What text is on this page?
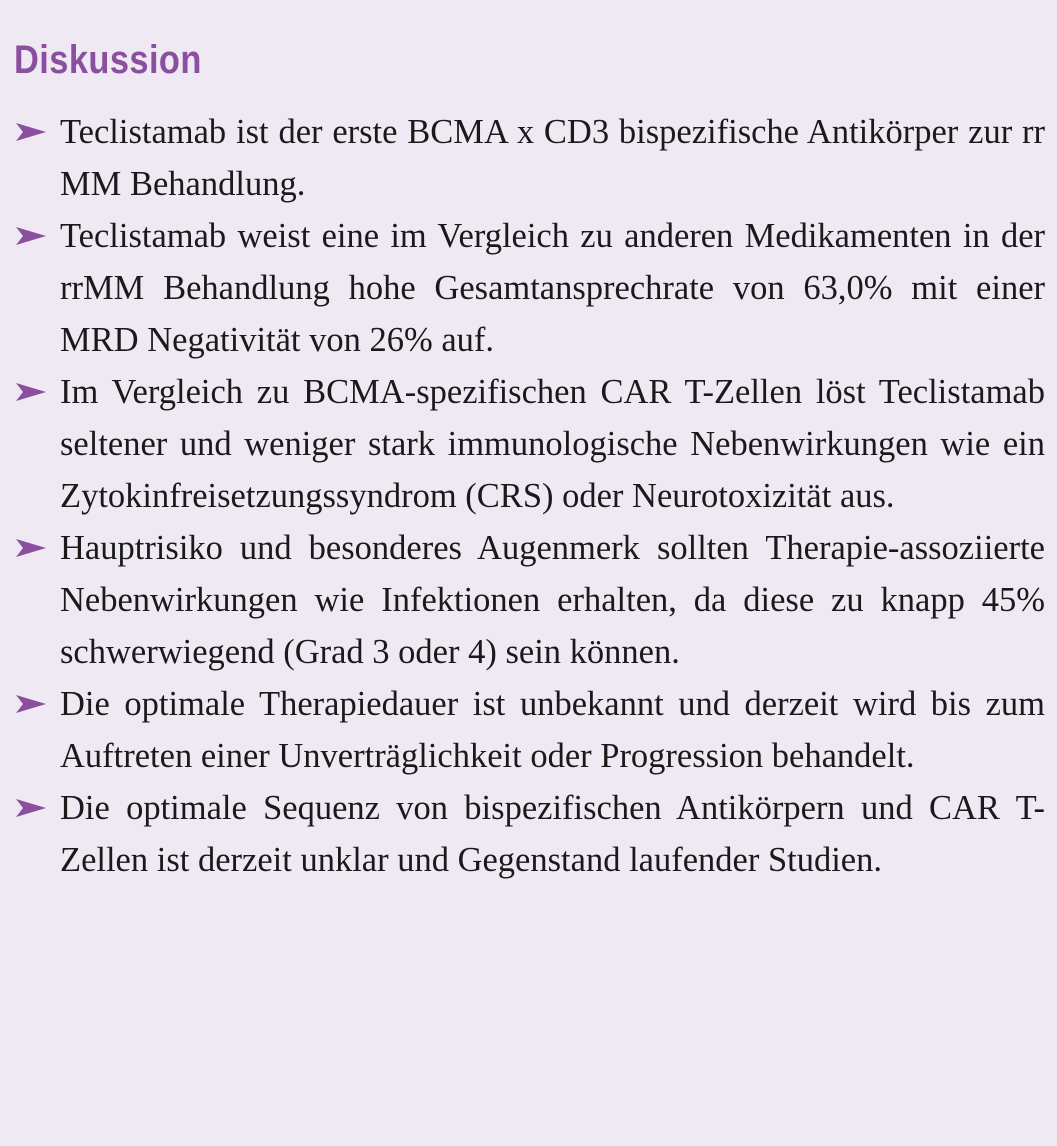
Diskussion
Teclistamab ist der erste BCMA x CD3 bispezifische Antikörper zur rr MM Behandlung.
Teclistamab weist eine im Vergleich zu anderen Medikamenten in der rrMM Behandlung hohe Gesamtansprechrate von 63,0% mit einer MRD Negativität von 26% auf.
Im Vergleich zu BCMA-spezifischen CAR T-Zellen löst Teclistamab seltener und weniger stark immunologische Nebenwirkungen wie ein Zytokinfreisetzungssyndrom (CRS) oder Neurotoxizität aus.
Hauptrisiko und besonderes Augenmerk sollten Therapie-assoziierte Nebenwirkungen wie Infektionen erhalten, da diese zu knapp 45% schwerwiegend (Grad 3 oder 4) sein können.
Die optimale Therapiedauer ist unbekannt und derzeit wird bis zum Auftreten einer Unverträglichkeit oder Progression behandelt.
Die optimale Sequenz von bispezifischen Antikörpern und CAR T-Zellen ist derzeit unklar und Gegenstand laufender Studien.
